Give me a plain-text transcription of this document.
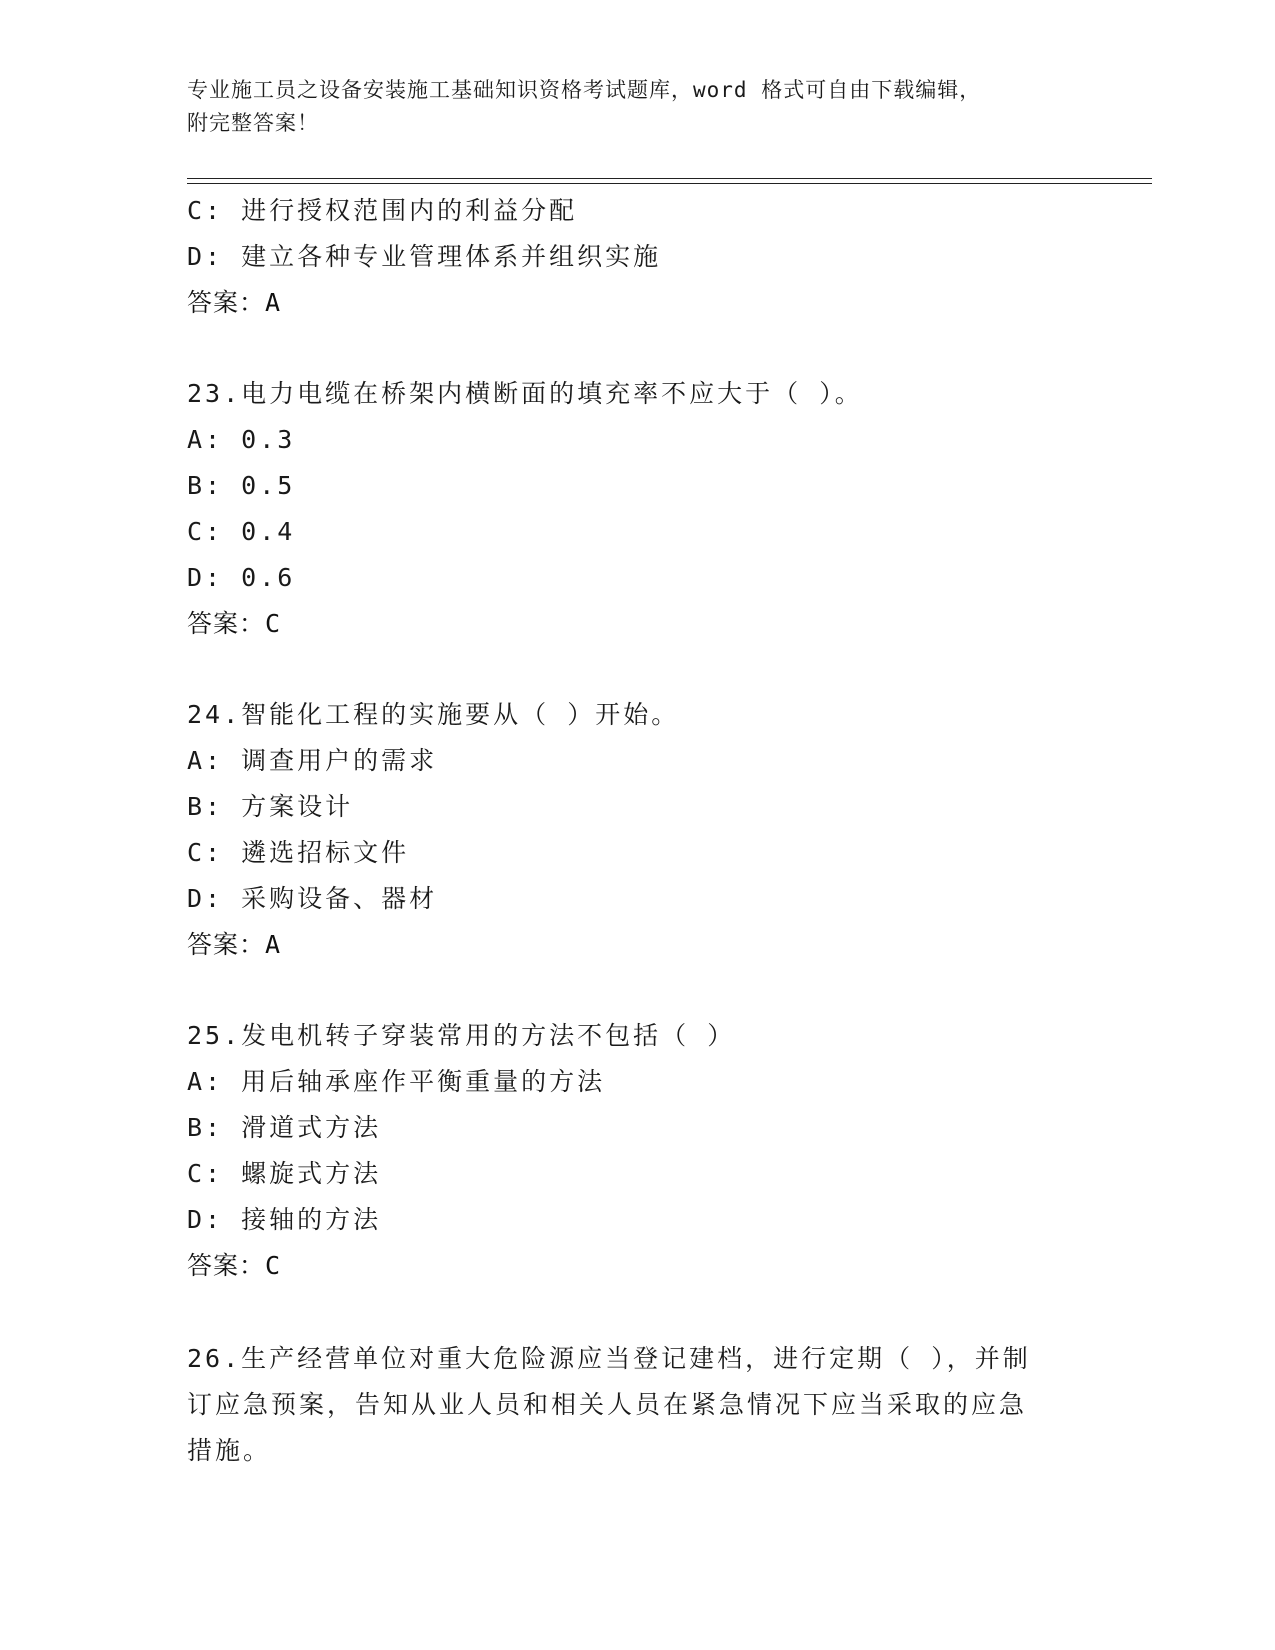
专业施工员之设备安装施工基础知识资格考试题库，word 格式可自由下载编辑，
附完整答案！
C: 进行授权范围内的利益分配
D: 建立各种专业管理体系并组织实施
答案：A
23.电力电缆在桥架内横断面的填充率不应大于（ ）。
A: 0.3
B: 0.5
C: 0.4
D: 0.6
答案：C
24.智能化工程的实施要从（ ）开始。
A: 调查用户的需求
B: 方案设计
C: 遴选招标文件
D: 采购设备、器材
答案：A
25.发电机转子穿装常用的方法不包括（ ）
A: 用后轴承座作平衡重量的方法
B: 滑道式方法
C: 螺旋式方法
D: 接轴的方法
答案：C
26.生产经营单位对重大危险源应当登记建档，进行定期（ ），并制
订应急预案，告知从业人员和相关人员在紧急情况下应当采取的应急
措施。
